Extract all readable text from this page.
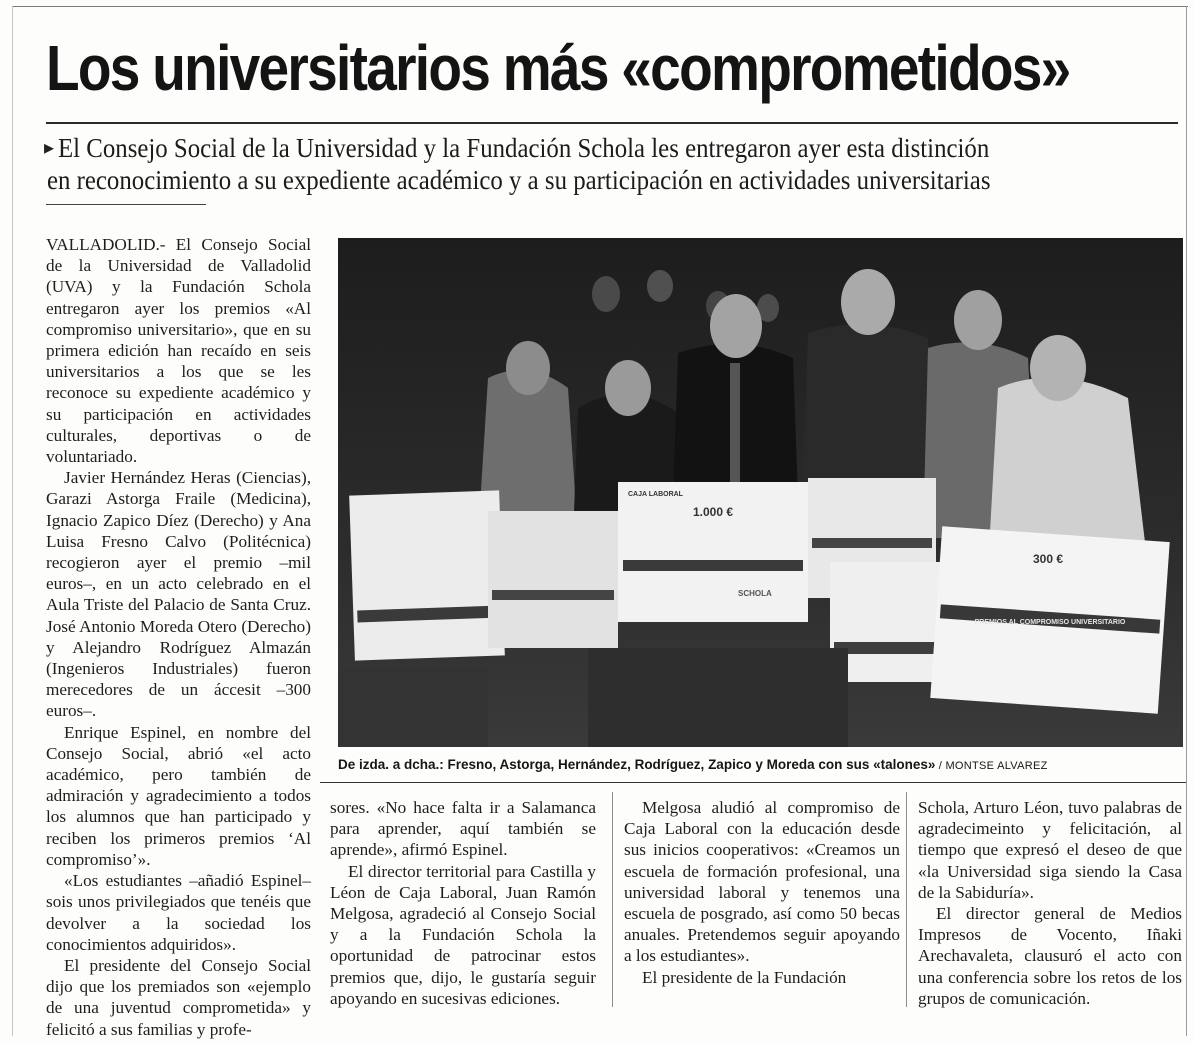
Los universitarios más «comprometidos»
▸ El Consejo Social de la Universidad y la Fundación Schola les entregaron ayer esta distinción
en reconocimiento a su expediente académico y a su participación en actividades universitarias

VALLADOLID.- El Consejo Social de la Universidad de Valladolid (UVA) y la Fundación Schola entregaron ayer los premios «Al compromiso universitario», que en su primera edición han recaído en seis universitarios a los que se les reconoce su expediente académico y su participación en actividades culturales, deportivas o de voluntariado.

Javier Hernández Heras (Ciencias), Garazi Astorga Fraile (Medicina), Ignacio Zapico Díez (Derecho) y Ana Luisa Fresno Calvo (Politécnica) recogieron ayer el premio –mil euros–, en un acto celebrado en el Aula Triste del Palacio de Santa Cruz. José Antonio Moreda Otero (Derecho) y Alejandro Rodríguez Almazán (Ingenieros Industriales) fueron merecedores de un áccesit –300 euros–.

Enrique Espinel, en nombre del Consejo Social, abrió «el acto académico, pero también de admiración y agradecimiento a todos los alumnos que han participado y reciben los primeros premios ‘Al compromiso’».

«Los estudiantes –añadió Espinel– sois unos privilegiados que tenéis que devolver a la sociedad los conocimientos adquiridos».

El presidente del Consejo Social dijo que los premiados son «ejemplo de una juventud comprometida» y felicitó a sus familias y profe-

1.000 €
CAJA LABORAL
SCHOLA
300 €
PREMIOS AL COMPROMISO UNIVERSITARIO
De izda. a dcha.: Fresno, Astorga, Hernández, Rodríguez, Zapico y Moreda con sus «talones» / MONTSE ALVAREZ

sores. «No hace falta ir a Salamanca para aprender, aquí también se aprende», afirmó Espinel.

El director territorial para Castilla y Léon de Caja Laboral, Juan Ramón Melgosa, agradeció al Consejo Social y a la Fundación Schola la oportunidad de patrocinar estos premios que, dijo, le gustaría seguir apoyando en sucesivas ediciones.

Melgosa aludió al compromiso de Caja Laboral con la educación desde sus inicios cooperativos: «Creamos un escuela de formación profesional, una universidad laboral y tenemos una escuela de posgrado, así como 50 becas anuales. Pretendemos seguir apoyando a los estudiantes».

El presidente de la Fundación

Schola, Arturo Léon, tuvo palabras de agradecimeinto y felicitación, al tiempo que expresó el deseo de que «la Universidad siga siendo la Casa de la Sabiduría».

El director general de Medios Impresos de Vocento, Iñaki Arechavaleta, clausuró el acto con una conferencia sobre los retos de los grupos de comunicación.
